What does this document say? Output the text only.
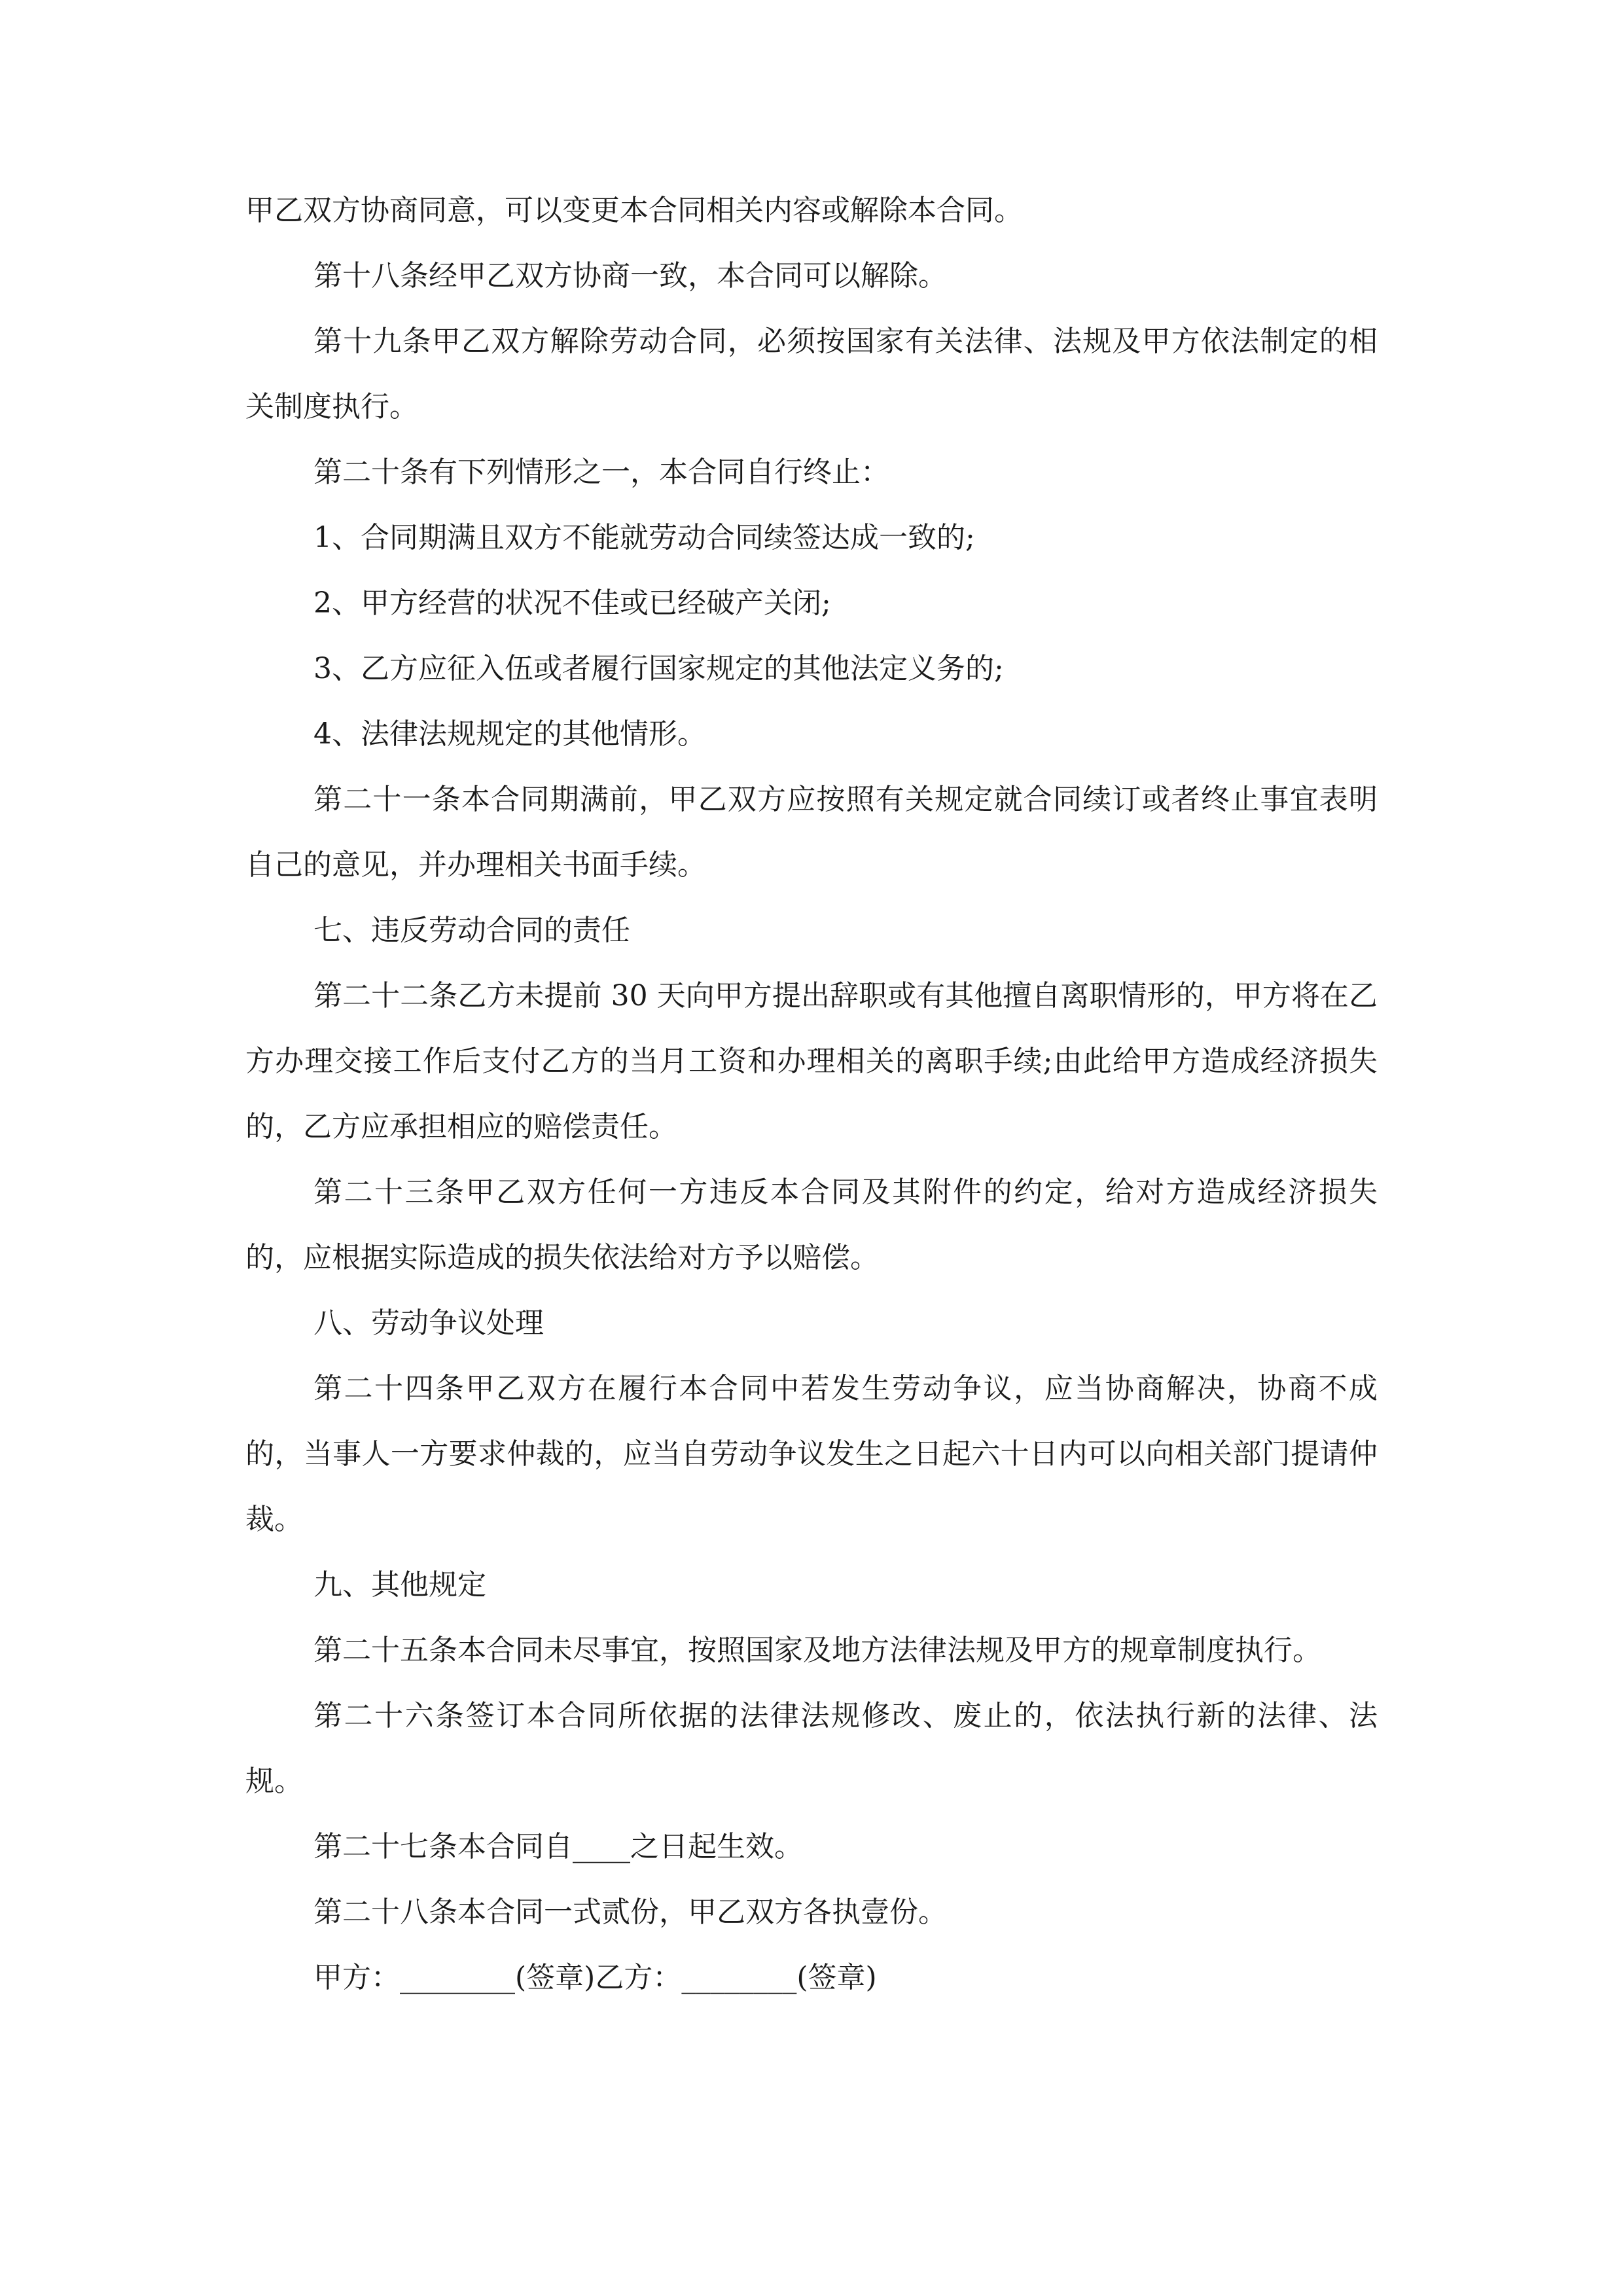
甲乙双方协商同意，可以变更本合同相关内容或解除本合同。

第十八条经甲乙双方协商一致，本合同可以解除。

第十九条甲乙双方解除劳动合同，必须按国家有关法律、法规及甲方依法制定的相关制度执行。

第二十条有下列情形之一，本合同自行终止：

1、合同期满且双方不能就劳动合同续签达成一致的;

2、甲方经营的状况不佳或已经破产关闭;

3、乙方应征入伍或者履行国家规定的其他法定义务的;

4、法律法规规定的其他情形。

第二十一条本合同期满前，甲乙双方应按照有关规定就合同续订或者终止事宜表明自己的意见，并办理相关书面手续。

七、违反劳动合同的责任

第二十二条乙方未提前 30 天向甲方提出辞职或有其他擅自离职情形的，甲方将在乙方办理交接工作后支付乙方的当月工资和办理相关的离职手续;由此给甲方造成经济损失的，乙方应承担相应的赔偿责任。

第二十三条甲乙双方任何一方违反本合同及其附件的约定，给对方造成经济损失的，应根据实际造成的损失依法给对方予以赔偿。

八、劳动争议处理

第二十四条甲乙双方在履行本合同中若发生劳动争议，应当协商解决，协商不成的，当事人一方要求仲裁的，应当自劳动争议发生之日起六十日内可以向相关部门提请仲裁。

九、其他规定

第二十五条本合同未尽事宜，按照国家及地方法律法规及甲方的规章制度执行。

第二十六条签订本合同所依据的法律法规修改、废止的，依法执行新的法律、法规。

第二十七条本合同自____之日起生效。

第二十八条本合同一式贰份，甲乙双方各执壹份。

甲方：________(签章)乙方：________(签章)
